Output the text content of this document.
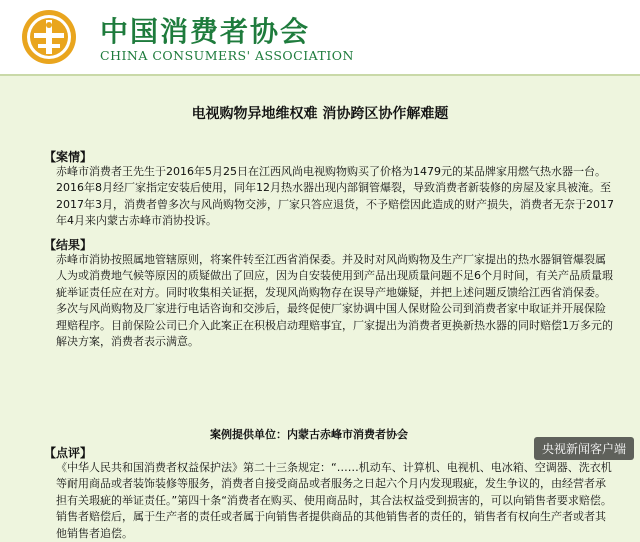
中国消费者协会
CHINA CONSUMERS' ASSOCIATION
电视购物异地维权难 消协跨区协作解难题
【案情】
赤峰市消费者王先生于2016年5月25日在江西风尚电视购物购买了价格为1479元的某品牌家用燃气热水器一台。2016年8月经厂家指定安装后使用，同年12月热水器出现内部铜管爆裂，导致消费者新装修的房屋及家具被淹。至2017年3月，消费者曾多次与风尚购物交涉，厂家只答应退货，不予赔偿因此造成的财产损失，消费者无奈于2017年4月来内蒙古赤峰市消协投诉。
【结果】
赤峰市消协按照属地管辖原则，将案件转至江西省消保委。并及时对风尚购物及生产厂家提出的热水器铜管爆裂属人为或消费地气候等原因的质疑做出了回应，因为自安装使用到产品出现质量问题不足6个月时间，有关产品质量瑕疵举证责任应在对方。同时收集相关证据，发现风尚购物存在误导产地嫌疑，并把上述问题反馈给江西省消保委。多次与风尚购物及厂家进行电话咨询和交涉后，最终促使厂家协调中国人保财险公司到消费者家中取证并开展保险理赔程序。目前保险公司已介入此案正在积极启动理赔事宜，厂家提出为消费者更换新热水器的同时赔偿1万多元的解决方案，消费者表示满意。
案例提供单位：内蒙古赤峰市消费者协会
【点评】
《中华人民共和国消费者权益保护法》第二十三条规定：“……机动车、计算机、电视机、电冰箱、空调器、洗衣机等耐用商品或者装饰装修等服务，消费者自接受商品或者服务之日起六个月内发现瑕疵，发生争议的，由经营者承担有关瑕疵的举证责任。”第四十条“消费者在购买、使用商品时，其合法权益受到损害的，可以向销售者要求赔偿。销售者赔偿后，属于生产者的责任或者属于向销售者提供商品的其他销售者的责任的，销售者有权向生产者或者其他销售者追偿。
央视新闻客户端
